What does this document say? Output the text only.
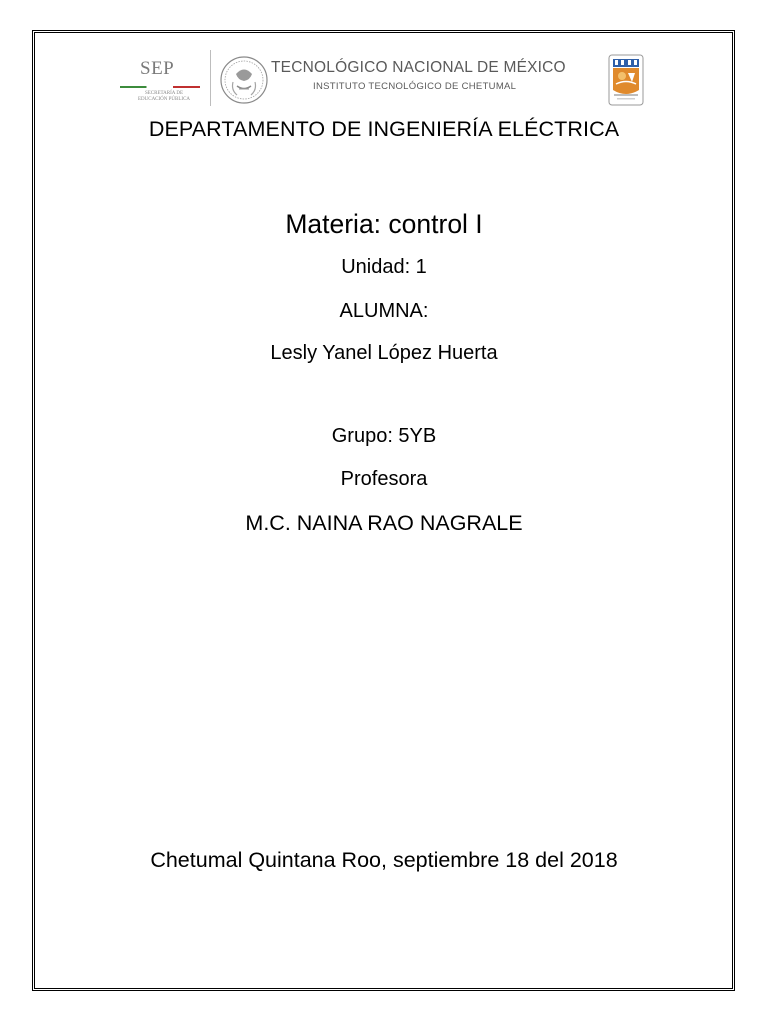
SEP
SECRETARÍA DE EDUCACIÓN PÚBLICA
TECNOLÓGICO NACIONAL DE MÉXICO
INSTITUTO TECNOLÓGICO DE CHETUMAL
DEPARTAMENTO DE INGENIERÍA ELÉCTRICA
Materia: control I
Unidad: 1
ALUMNA:
Lesly Yanel López Huerta
Grupo: 5YB
Profesora
M.C. NAINA RAO NAGRALE
Chetumal Quintana Roo, septiembre 18 del 2018
